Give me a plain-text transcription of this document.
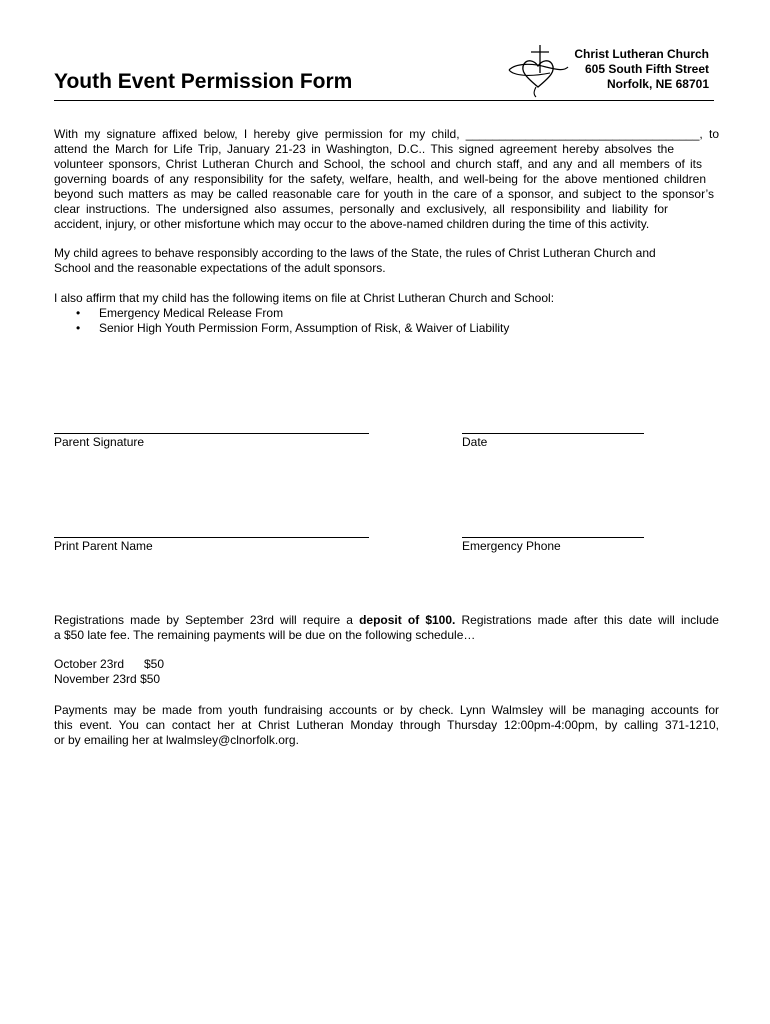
Youth Event Permission Form
Christ Lutheran Church
605 South Fifth Street
Norfolk, NE 68701
With my signature affixed below, I hereby give permission for my child, ___________________________________, to
attend the March for Life Trip, January 21-23 in Washington, D.C.. This signed agreement hereby absolves the
volunteer sponsors, Christ Lutheran Church and School, the school and church staff, and any and all members of its
governing boards of any responsibility for the safety, welfare, health, and well-being for the above mentioned children
beyond such matters as may be called reasonable care for youth in the care of a sponsor, and subject to the sponsor’s
clear instructions. The undersigned also assumes, personally and exclusively, all responsibility and liability for
accident, injury, or other misfortune which may occur to the above-named children during the time of this activity.
My child agrees to behave responsibly according to the laws of the State, the rules of Christ Lutheran Church and
School and the reasonable expectations of the adult sponsors.
I also affirm that my child has the following items on file at Christ Lutheran Church and School:
• Emergency Medical Release From
• Senior High Youth Permission Form, Assumption of Risk, & Waiver of Liability
Parent Signature	Date
Print Parent Name	Emergency Phone
Registrations made by September 23rd will require a deposit of $100. Registrations made after this date will include
a $50 late fee. The remaining payments will be due on the following schedule…
October 23rd $50
November 23rd $50
Payments may be made from youth fundraising accounts or by check. Lynn Walmsley will be managing accounts for
this event. You can contact her at Christ Lutheran Monday through Thursday 12:00pm-4:00pm, by calling 371-1210,
or by emailing her at lwalmsley@clnorfolk.org.
